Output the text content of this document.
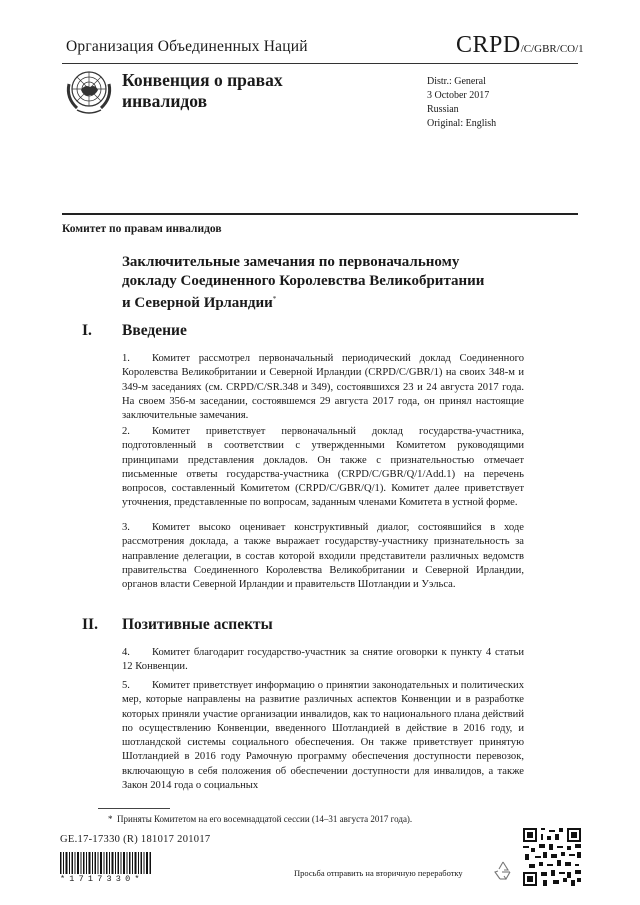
Организация Объединенных Наций	CRPD/C/GBR/CO/1
Конвенция о правах
инвалидов
Distr.: General
3 October 2017
Russian
Original: English
Комитет по правам инвалидов
Заключительные замечания по первоначальному
докладу Соединенного Королевства Великобритании
и Северной Ирландии*
I. Введение
1. Комитет рассмотрел первоначальный периодический доклад Соединенного Королевства Великобритании и Северной Ирландии (CRPD/C/GBR/1) на своих 348-м и 349-м заседаниях (см. CRPD/C/SR.348 и 349), состоявшихся 23 и 24 августа 2017 года. На своем 356-м заседании, состоявшемся 29 августа 2017 года, он принял настоящие заключительные замечания.
2. Комитет приветствует первоначальный доклад государства-участника, подготовленный в соответствии с утвержденными Комитетом руководящими принципами представления докладов. Он также с признательностью отмечает письменные ответы государства-участника (CRPD/C/GBR/Q/1/Add.1) на перечень вопросов, составленный Комитетом (CRPD/C/GBR/Q/1). Комитет далее приветствует уточнения, представленные по вопросам, заданным членами Комитета в устной форме.
3. Комитет высоко оценивает конструктивный диалог, состоявшийся в ходе рассмотрения доклада, а также выражает государству-участнику признательность за направление делегации, в состав которой входили представители различных ведомств правительства Соединенного Королевства Великобритании и Северной Ирландии, органов власти Северной Ирландии и правительств Шотландии и Уэльса.
II. Позитивные аспекты
4. Комитет благодарит государство-участник за снятие оговорки к пункту 4 статьи 12 Конвенции.
5. Комитет приветствует информацию о принятии законодательных и политических мер, которые направлены на развитие различных аспектов Конвенции и в разработке которых приняли участие организации инвалидов, как то национального плана действий по осуществлению Конвенции, введенного Шотландией в действие в 2016 году, и шотландской системы социального обеспечения. Он также приветствует принятую Шотландией в 2016 году Рамочную программу обеспечения доступности перевозок, включающую в себя положения об обеспечении доступности для инвалидов, а также Закон 2014 года о социальных
* Приняты Комитетом на его восемнадцатой сессии (14–31 августа 2017 года).
GE.17-17330 (R) 181017 201017
*1717330*
Просьба отправить на вторичную переработку
